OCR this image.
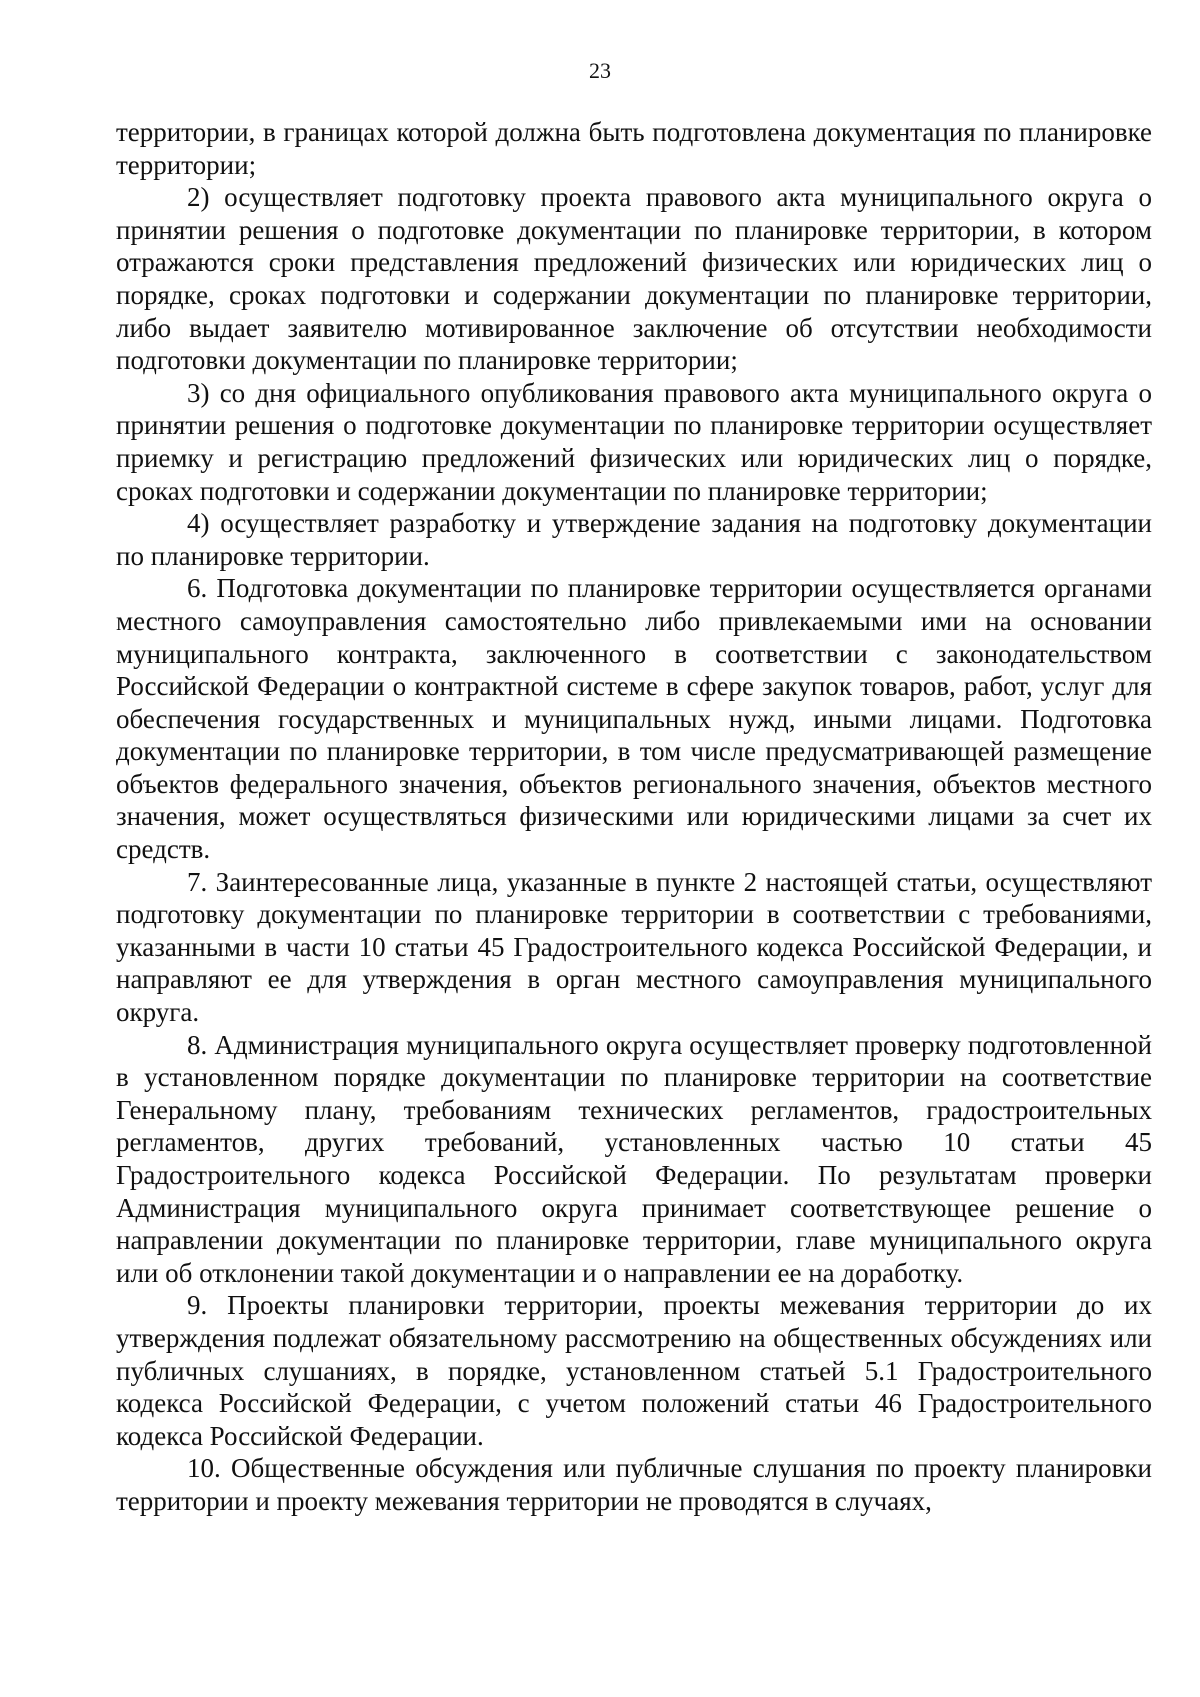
23

территории, в границах которой должна быть подготовлена документация по планировке территории;

2) осуществляет подготовку проекта правового акта муниципального округа о принятии решения о подготовке документации по планировке территории, в котором отражаются сроки представления предложений физических или юридических лиц о порядке, сроках подготовки и содержании документации по планировке территории, либо выдает заявителю мотивированное заключение об отсутствии необходимости подготовки документации по планировке территории;

3) со дня официального опубликования правового акта муниципального округа о принятии решения о подготовке документации по планировке территории осуществляет приемку и регистрацию предложений физических или юридических лиц о порядке, сроках подготовки и содержании документации по планировке территории;

4) осуществляет разработку и утверждение задания на подготовку документации по планировке территории.

6. Подготовка документации по планировке территории осуществляется органами местного самоуправления самостоятельно либо привлекаемыми ими на основании муниципального контракта, заключенного в соответствии с законодательством Российской Федерации о контрактной системе в сфере закупок товаров, работ, услуг для обеспечения государственных и муниципальных нужд, иными лицами. Подготовка документации по планировке территории, в том числе предусматривающей размещение объектов федерального значения, объектов регионального значения, объектов местного значения, может осуществляться физическими или юридическими лицами за счет их средств.

7. Заинтересованные лица, указанные в пункте 2 настоящей статьи, осуществляют подготовку документации по планировке территории в соответствии с требованиями, указанными в части 10 статьи 45 Градостроительного кодекса Российской Федерации, и направляют ее для утверждения в орган местного самоуправления муниципального округа.

8. Администрация муниципального округа осуществляет проверку подготовленной в установленном порядке документации по планировке территории на соответствие Генеральному плану, требованиям технических регламентов, градостроительных регламентов, других требований, установленных частью 10 статьи 45 Градостроительного кодекса Российской Федерации. По результатам проверки Администрация муниципального округа принимает соответствующее решение о направлении документации по планировке территории, главе муниципального округа или об отклонении такой документации и о направлении ее на доработку.

9. Проекты планировки территории, проекты межевания территории до их утверждения подлежат обязательному рассмотрению на общественных обсуждениях или публичных слушаниях, в порядке, установленном статьей 5.1 Градостроительного кодекса Российской Федерации, с учетом положений статьи 46 Градостроительного кодекса Российской Федерации.

10. Общественные обсуждения или публичные слушания по проекту планировки территории и проекту межевания территории не проводятся в случаях,
